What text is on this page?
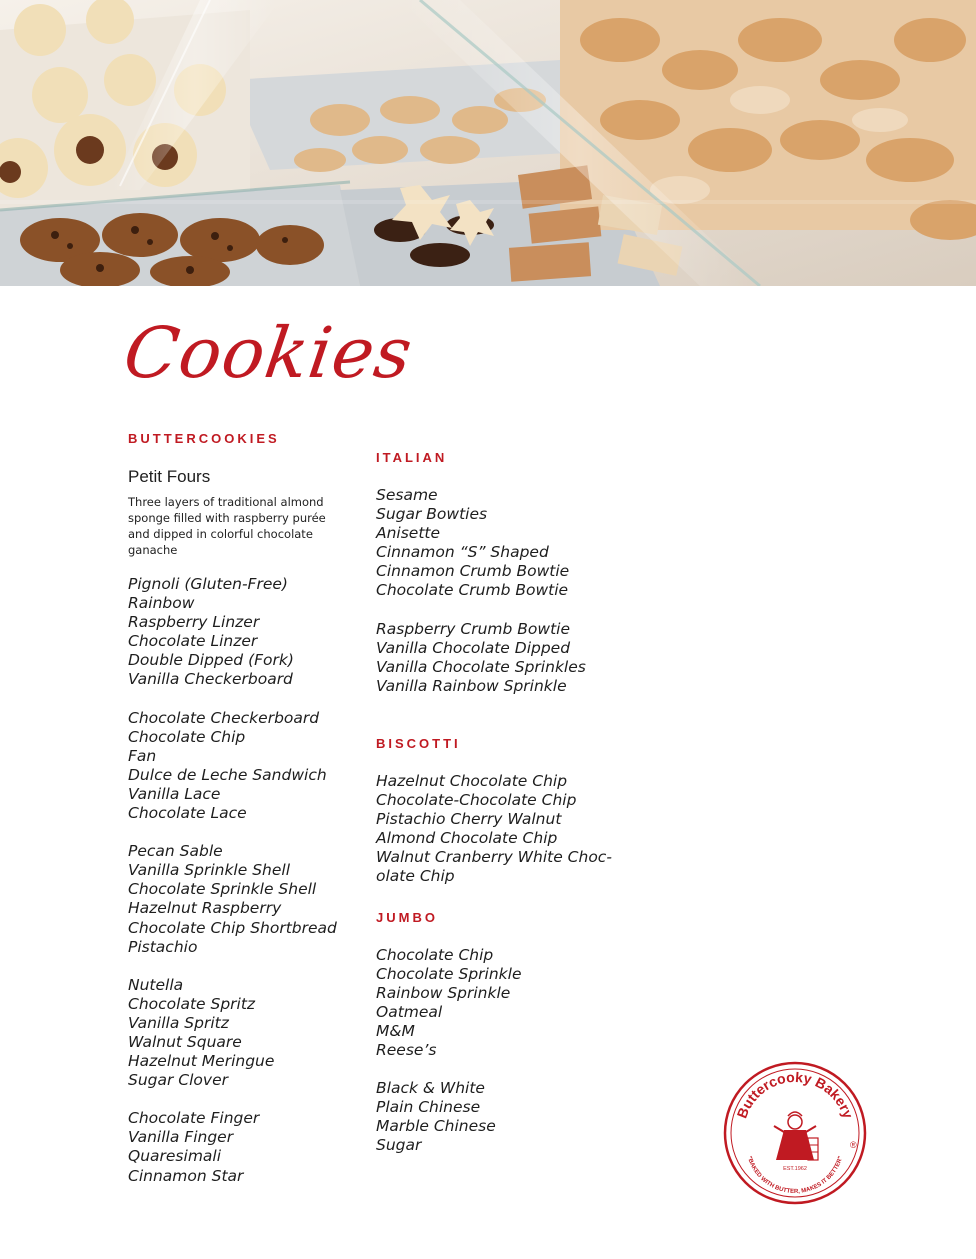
Cookies

BUTTERCOOKIES

Petit Fours

Three layers of traditional almond sponge filled with raspberry purée and dipped in colorful chocolate ganache

Pignoli (Gluten-Free)
Rainbow
Raspberry Linzer
Chocolate Linzer
Double Dipped (Fork)
Vanilla Checkerboard
Chocolate Checkerboard
Chocolate Chip
Fan
Dulce de Leche Sandwich
Vanilla Lace
Chocolate Lace
Pecan Sable
Vanilla Sprinkle Shell
Chocolate Sprinkle Shell
Hazelnut Raspberry
Chocolate Chip Shortbread
Pistachio
Nutella
Chocolate Spritz
Vanilla Spritz
Walnut Square
Hazelnut Meringue
Sugar Clover
Chocolate Finger
Vanilla Finger
Quaresimali
Cinnamon Star

ITALIAN

Sesame
Sugar Bowties
Anisette
Cinnamon “S” Shaped
Cinnamon Crumb Bowtie
Chocolate Crumb Bowtie
Raspberry Crumb Bowtie
Vanilla Chocolate Dipped
Vanilla Chocolate Sprinkles
Vanilla Rainbow Sprinkle

BISCOTTI

Hazelnut Chocolate Chip
Chocolate-Chocolate Chip
Pistachio Cherry Walnut
Almond Chocolate Chip
Walnut Cranberry White Choc-olate Chip

JUMBO

Chocolate Chip
Chocolate Sprinkle
Rainbow Sprinkle
Oatmeal
M&M
Reese’s
Black & White
Plain Chinese
Marble Chinese
Sugar
Buttercooky Bakery
"BAKED WITH BUTTER, MAKES IT BETTER"
EST.1962
®
